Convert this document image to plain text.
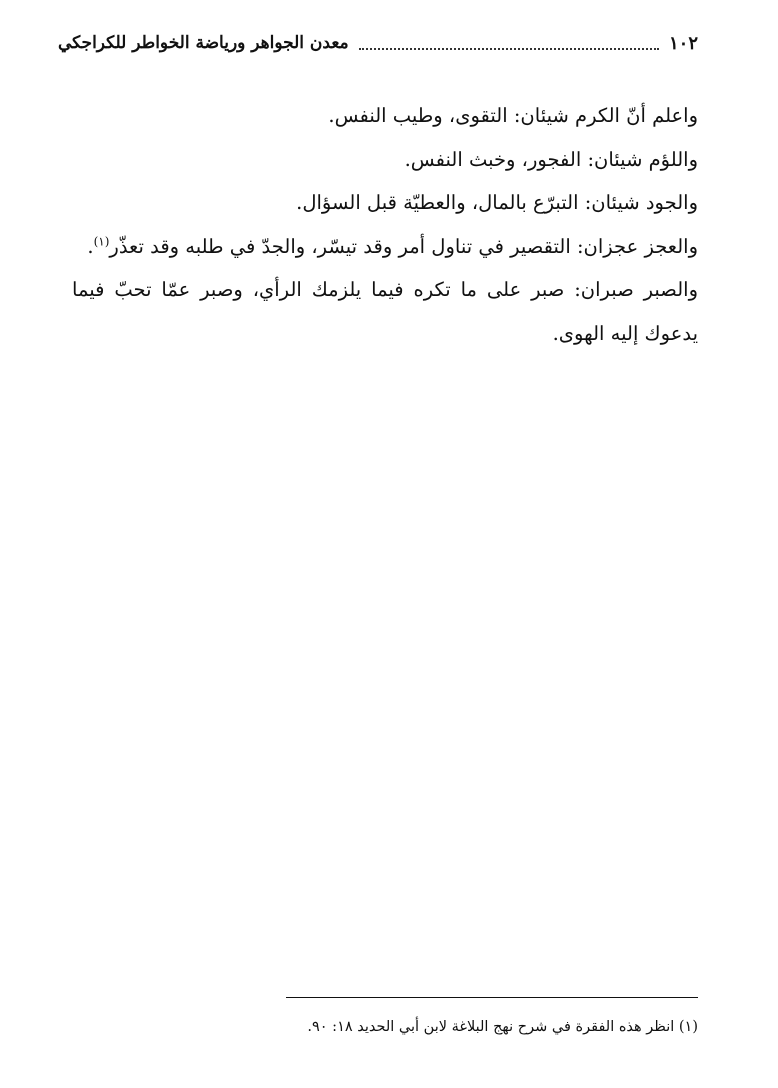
١٠٢
معدن الجواهر ورياضة الخواطر للكراجكي

واعلم أنّ الكرم شيئان: التقوى، وطيب النفس.

واللؤم شيئان: الفجور، وخبث النفس.

والجود شيئان: التبرّع بالمال، والعطيّة قبل السؤال.

والعجز عجزان: التقصير في تناول أمر وقد تيسّر، والجدّ في طلبه وقد تعذّر$^{(١)}$.

والصبر صبران: صبر على ما تكره فيما يلزمك الرأي، وصبر عمّا تحبّ فيما يدعوك إليه الهوى.

(١) انظر هذه الفقرة في شرح نهج البلاغة لابن أبي الحديد ١٨: ٩٠.
